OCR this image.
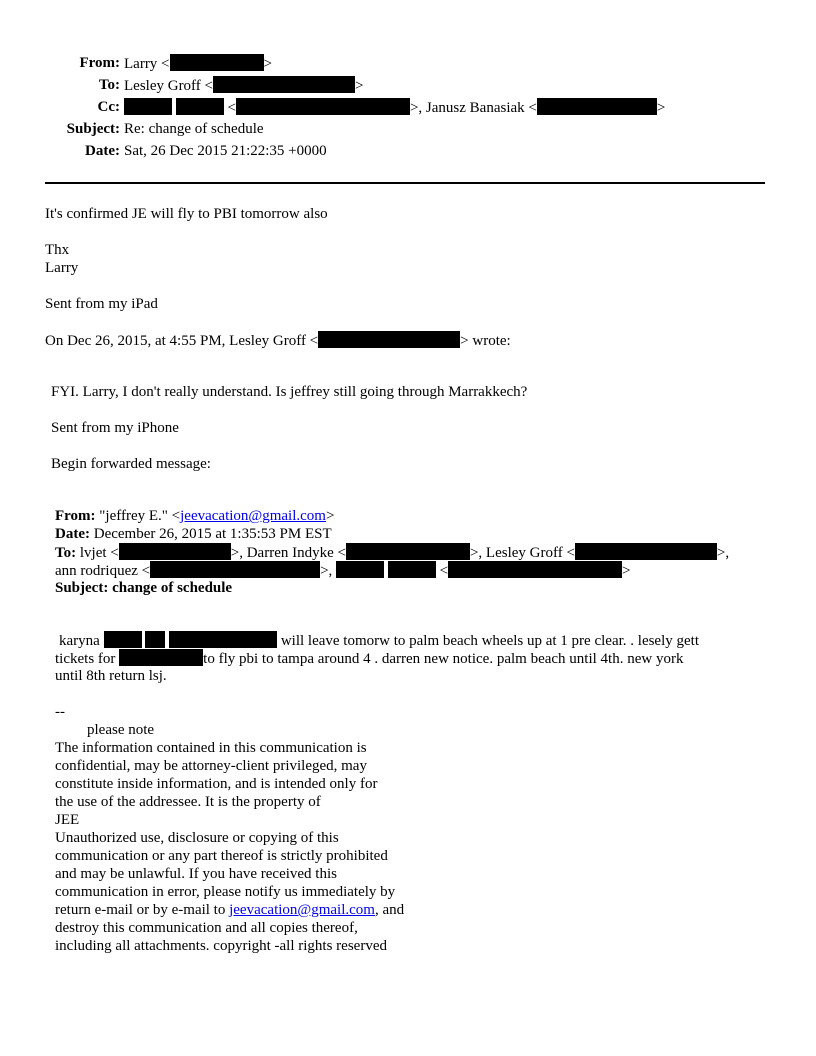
From: Larry <	>
To: Lesley Groff <	>
Cc:	<	>, Janusz Banasiak <	>
Subject: Re: change of schedule
Date: Sat, 26 Dec 2015 21:22:35 +0000
It's confirmed JE will fly to PBI tomorrow also
Thx
Larry
Sent from my iPad
On Dec 26, 2015, at 4:55 PM, Lesley Groff <	> wrote:
FYI. Larry, I don't really understand. Is jeffrey still going through Marrakkech?
Sent from my iPhone
Begin forwarded message:
From: "jeffrey E." <jeevacation@gmail.com>
Date: December 26, 2015 at 1:35:53 PM EST
To: lvjet <	>, Darren Indyke <	>, Lesley Groff <	>,
ann rodriquez <	>,	<	>
Subject: change of schedule
karyna	will leave tomorw to palm beach wheels up at 1 pre clear. . lesely gett
tickets for	to fly pbi to tampa around 4 . darren new notice. palm beach until 4th. new york
until 8th return lsj.
--
please note
The information contained in this communication is
confidential, may be attorney-client privileged, may
constitute inside information, and is intended only for
the use of the addressee. It is the property of
JEE
Unauthorized use, disclosure or copying of this
communication or any part thereof is strictly prohibited
and may be unlawful. If you have received this
communication in error, please notify us immediately by
return e-mail or by e-mail to jeevacation@gmail.com, and
destroy this communication and all copies thereof,
including all attachments. copyright -all rights reserved
